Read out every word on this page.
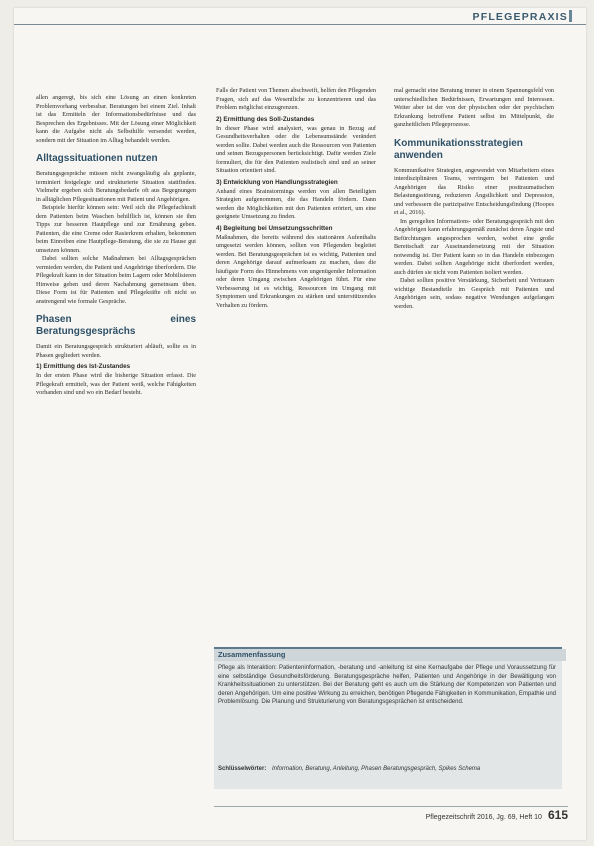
PFLEGEPRAXIS

allen angeregt, bis sich eine Lösung an einen konkreten Problemvorhang verbessbar. Beratungen bei einem Ziel. Inhalt ist das Ermitteln der Informationsbedürfnisse und das Besprechen des Ergebnisses. Mit der Lösung einer Möglichkeit kann die Aufgabe nicht als Selbsthilfe versendet werden, sondern mit der Situation im Alltag behandelt werden.

Alltagssituationen nutzen

Beratungsgespräche müssen nicht zwangsläufig als geplante, terminiert festgelegte und strukturierte Situation stattfinden. Vielmehr ergeben sich Beratungsbedarfe oft aus Begegnungen in alltäglichen Pflegesituationen mit Patient und Angehörigen.

Beispiele hierfür können sein: Weil sich die Pflegefachkraft dem Patienten beim Waschen behilflich ist, können sie ihm Tipps zur besseren Hautpflege und zur Ernährung geben. Patienten, die eine Creme oder Rasierkrem erhalten, bekommen beim Einreiben eine Hautpflege-Beratung, die sie zu Hause gut umsetzen können.

Dabei sollten solche Maßnahmen bei Alltagsgesprächen vermieden werden, die Patient und Angehörige überfordern. Die Pflegekraft kann in der Situation beim Lagern oder Mobilisieren Hinweise geben und deren Nachahmung gemeinsam üben. Diese Form ist für Patienten und Pflegekräfte oft nicht so anstrengend wie formale Gespräche.

Phasen eines Beratungsgesprächs

Damit ein Beratungsgespräch strukturiert abläuft, sollte es in Phasen gegliedert werden.

1) Ermittlung des Ist-Zustandes

In der ersten Phase wird die bisherige Situation erfasst. Die Pflegekraft ermittelt, was der Patient weiß, welche Fähigkeiten vorhanden sind und wo ein Bedarf besteht.

Falls der Patient von Themen abschweift, helfen den Pflegenden Fragen, sich auf das Wesentliche zu konzentrieren und das Problem möglichst einzugrenzen.

2) Ermittlung des Soll-Zustandes

In dieser Phase wird analysiert, was genau in Bezug auf Gesundheitsverhalten oder die Lebensumstände verändert werden sollte. Dabei werden auch die Ressourcen von Patienten und seinen Bezugspersonen berücksichtigt. Dafür werden Ziele formuliert, die für den Patienten realistisch sind und an seiner Situation orientiert sind.

3) Entwicklung von Handlungsstrategien

Anhand eines Brainstormings werden von allen Beteiligten Strategien aufgenommen, die das Handeln fördern. Dann werden die Möglichkeiten mit den Patienten erörtert, um eine geeignete Umsetzung zu finden.

4) Begleitung bei Umsetzungsschritten

Maßnahmen, die bereits während des stationären Aufenthalts umgesetzt werden können, sollten von Pflegenden begleitet werden. Bei Beratungsgesprächen ist es wichtig, Patienten und deren Angehörige darauf aufmerksam zu machen, dass die häufigste Form des Hinnehmens von ungenügender Information oder deren Umgang zwischen Angehörigen führt. Für eine Verbesserung ist es wichtig, Ressourcen im Umgang mit Symptomen und Erkrankungen zu stärken und unterstützendes Verhalten zu fördern.

mal gemacht eine Beratung immer in einem Spannungsfeld von unterschiedlichen Bedürfnissen, Erwartungen und Interessen. Weiter aber ist der von der physischen oder der psychischen Erkrankung betroffene Patient selbst im Mittelpunkt, die ganzheitlichen Pflegeprozesse.

Kommunikationsstrategien anwenden

Kommunikative Strategien, angewendet von Mitarbeitern eines interdisziplinären Teams, verringern bei Patienten und Angehörigen das Risiko einer posttraumatischen Belastungsstörung, reduzieren Ängstlichkeit und Depression, und verbessern die partizipative Entscheidungsfindung (Hoopes et al., 2016).

Im geregelten Informations- oder Beratungsgespräch mit den Angehörigen kann erfahrungsgemäß zunächst deren Ängste und Befürchtungen angesprochen werden, wobei eine große Bereitschaft zur Auseinandersetzung mit der Situation notwendig ist. Der Patient kann so in das Handeln einbezogen werden. Dabei sollten Angehörige nicht überfordert werden, auch dürfen sie nicht vom Patienten isoliert werden.

Dabei sollten positive Verstärkung, Sicherheit und Vertrauen wichtige Bestandteile im Gespräch mit Patienten und Angehörigen sein, sodass negative Wendungen aufgefangen werden.

Zusammenfassung
Pflege als Interaktion: Patienteninformation, -beratung und -anleitung ist eine Kernaufgabe der Pflege und Voraussetzung für eine selbständige Gesundheitsförderung. Beratungsgespräche helfen, Patienten und Angehörige in der Bewältigung von Krankheitssituationen zu unterstützen. Bei der Beratung geht es auch um die Stärkung der Kompetenzen von Patienten und deren Angehörigen. Um eine positive Wirkung zu erreichen, benötigen Pflegende Fähigkeiten in Kommunikation, Empathie und Problemlösung. Die Planung und Strukturierung von Beratungsgesprächen ist entscheidend.
Schlüsselwörter: Information, Beratung, Anleitung, Phasen Beratungsgespräch, Spikes Schema
Pflegezeitschrift 2016, Jg. 69, Heft 10 615
